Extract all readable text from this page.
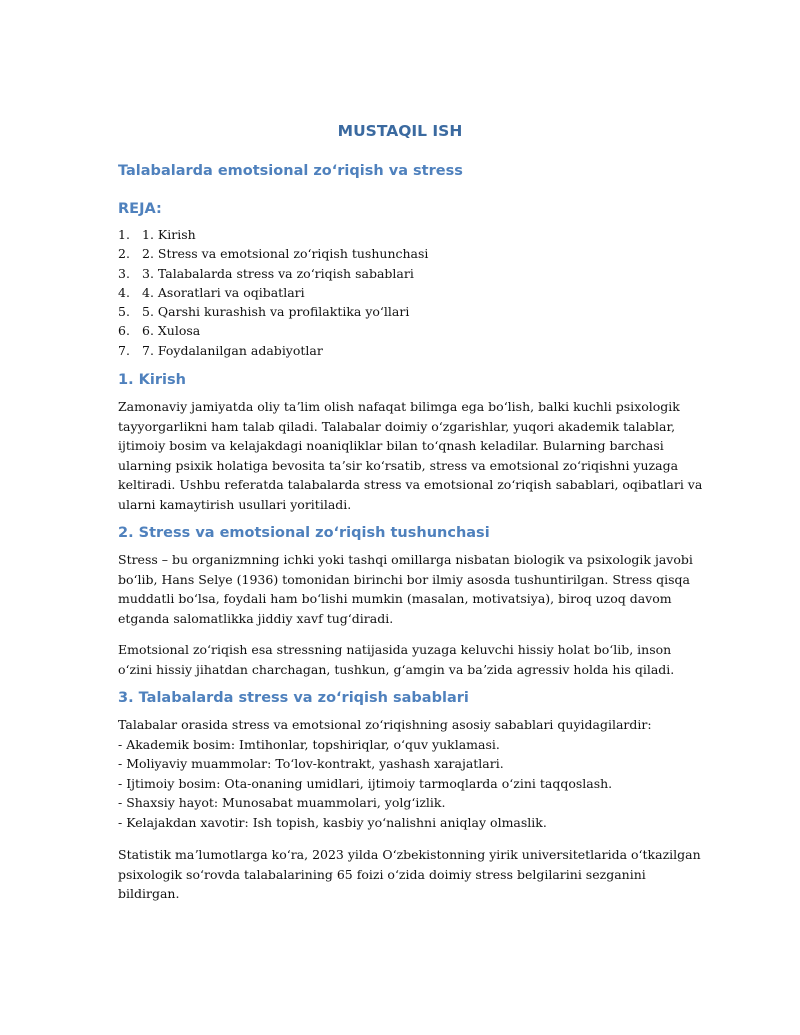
MUSTAQIL ISH
Talabalarda emotsional zoʻriqish va stress
REJA:
1. 1. Kirish
2. 2. Stress va emotsional zoʻriqish tushunchasi
3. 3. Talabalarda stress va zoʻriqish sabablari
4. 4. Asoratlari va oqibatlari
5. 5. Qarshi kurashish va profilaktika yoʻllari
6. 6. Xulosa
7. 7. Foydalanilgan adabiyotlar
1. Kirish

Zamonaviy jamiyatda oliy taʼlim olish nafaqat bilimga ega boʻlish, balki kuchli psixologik
tayyorgarlikni ham talab qiladi. Talabalar doimiy oʻzgarishlar, yuqori akademik talablar,
ijtimoiy bosim va kelajakdagi noaniqliklar bilan toʻqnash keladilar. Bularning barchasi
ularning psixik holatiga bevosita taʼsir koʻrsatib, stress va emotsional zoʻriqishni yuzaga
keltiradi. Ushbu referatda talabalarda stress va emotsional zoʻriqish sabablari, oqibatlari va
ularni kamaytirish usullari yoritiladi.

2. Stress va emotsional zoʻriqish tushunchasi

Stress – bu organizmning ichki yoki tashqi omillarga nisbatan biologik va psixologik javobi
boʻlib, Hans Selye (1936) tomonidan birinchi bor ilmiy asosda tushuntirilgan. Stress qisqa
muddatli boʻlsa, foydali ham boʻlishi mumkin (masalan, motivatsiya), biroq uzoq davom
etganda salomatlikka jiddiy xavf tugʻdiradi.

Emotsional zoʻriqish esa stressning natijasida yuzaga keluvchi hissiy holat boʻlib, inson
oʻzini hissiy jihatdan charchagan, tushkun, gʻamgin va baʼzida agressiv holda his qiladi.

3. Talabalarda stress va zoʻriqish sabablari

Talabalar orasida stress va emotsional zoʻriqishning asosiy sabablari quyidagilardir:
- Akademik bosim: Imtihonlar, topshiriqlar, oʻquv yuklamasi.
- Moliyaviy muammolar: Toʻlov-kontrakt, yashash xarajatlari.
- Ijtimoiy bosim: Ota-onaning umidlari, ijtimoiy tarmoqlarda oʻzini taqqoslash.
- Shaxsiy hayot: Munosabat muammolari, yolgʻizlik.
- Kelajakdan xavotir: Ish topish, kasbiy yoʻnalishni aniqlay olmaslik.

Statistik maʼlumotlarga koʻra, 2023 yilda Oʻzbekistonning yirik universitetlarida oʻtkazilgan
psixologik soʻrovda talabalarining 65 foizi oʻzida doimiy stress belgilarini sezganini
bildirgan.
